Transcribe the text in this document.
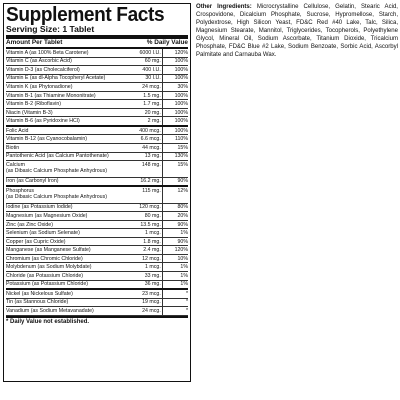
Supplement Facts
Serving Size: 1 Tablet
Amount Per Tablet	% Daily Value
Vitamin A (as 100% Beta Carotene)	6000 I.U.	120%
Vitamin C (as Ascorbic Acid)	60 mg.	100%
Vitamin D-3 (as Cholecalciferol)	400 I.U.	100%
Vitamin E (as dl-Alpha Tocopheryl Acetate)	30 I.U.	100%
Vitamin K (as Phytonadione)	24 mcg.	30%
Vitamin B-1 (as Thiamine Mononitrate)	1.5 mg.	100%
Vitamin B-2 (Riboflavin)	1.7 mg.	100%
Niacin (Vitamin B-3)	20 mg.	100%
Vitamin B-6 (as Pyridoxine HCl)	2 mg.	100%
Folic Acid	400 mcg.	100%
Vitamin B-12 (as Cyanocobalamin)	6.6 mcg.	110%
Biotin	44 mcg.	15%
Pantothenic Acid (as Calcium Pantothenate)	13 mg.	130%
Calcium
(as Dibasic Calcium Phosphate Anhydrous)	148 mg.	15%
Iron (as Carbonyl Iron)	16.2 mg.	90%
Phosphorus
(as Dibasic Calcium Phosphate Anhydrous)	115 mg.	12%
Iodine (as Potassium Iodide)	120 mcg.	80%
Magnesium (as Magnesium Oxide)	80 mg.	20%
Zinc (as Zinc Oxide)	13.5 mg.	90%
Selenium (as Sodium Selenate)	1 mcg.	1%
Copper (as Cupric Oxide)	1.8 mg.	90%
Manganese (as Manganese Sulfate)	2.4 mg.	120%
Chromium (as Chromic Chloride)	12 mcg.	10%
Molybdenum (as Sodium Molybdate)	1 mcg.	1%
Chloride (as Potassium Chloride)	33 mg.	1%
Potassium (as Potassium Chloride)	36 mg.	1%
Nickel (as Nickelous Sulfate)	23 mcg.	*
Tin (as Stannous Chloride)	19 mcg.	*
Vanadium (as Sodium Metavanadate)	24 mcg.	*
* Daily Value not established.
Other Ingredients: Microcrystalline Cellulose, Gelatin, Stearic Acid, Crospovidone, Dicalcium Phosphate, Sucrose, Hypromellose, Starch, Polydextrose, High Silicon Yeast, FD&C Red #40 Lake, Talc, Silica, Magnesium Stearate, Mannitol, Triglycerides, Tocopherols, Polyethylene Glycol, Mineral Oil, Sodium Ascorbate, Titanium Dioxide, Tricalcium Phosphate, FD&C Blue #2 Lake, Sodium Benzoate, Sorbic Acid, Ascorbyl Palmitate and Carnauba Wax.
